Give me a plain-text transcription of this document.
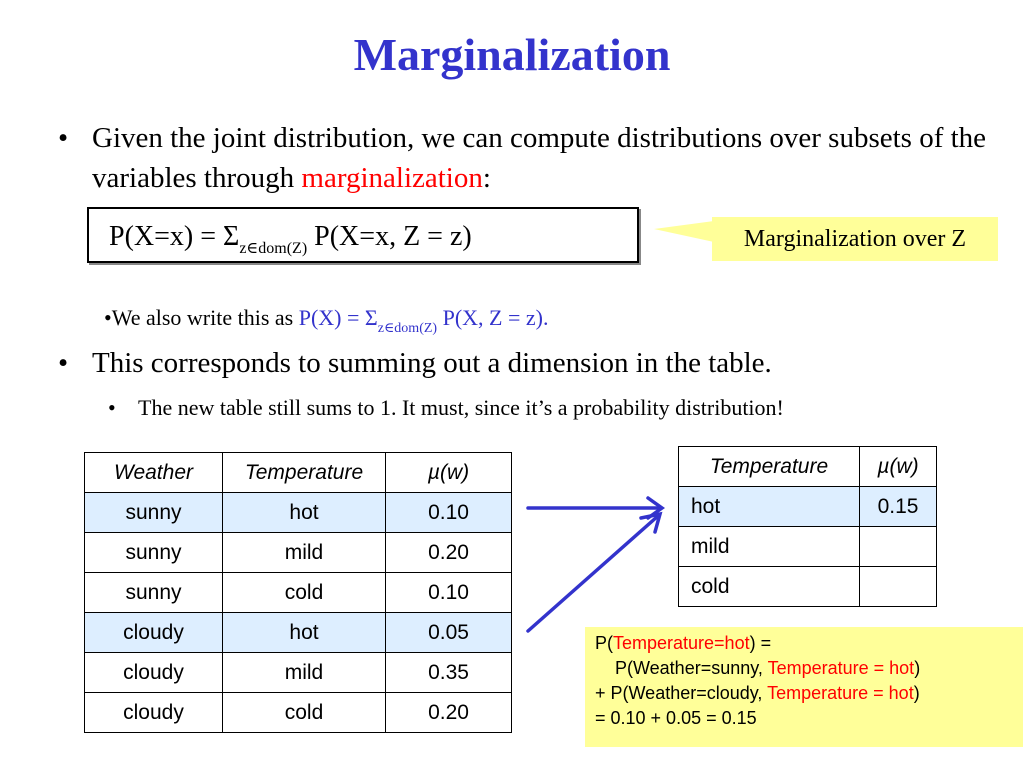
Marginalization
• Given the joint distribution, we can compute distributions over subsets of the variables through marginalization:
$P(X=x) = \Sigma_{z\in dom(Z)}$ P(X=x, Z = z)	Marginalization over Z
•We also write this as $P(X) = \Sigma_{z\in dom(Z)}$ P(X, Z = z).
• This corresponds to summing out a dimension in the table.
• The new table still sums to 1. It must, since it’s a probability distribution!
Weather	Temperature	µ(w)
sunny	hot	0.10
sunny	mild	0.20
sunny	cold	0.10
cloudy	hot	0.05
cloudy	mild	0.35
cloudy	cold	0.20
Temperature	µ(w)
hot	0.15
mild	
cold	
P(Temperature=hot) =
P(Weather=sunny, Temperature = hot)
+ P(Weather=cloudy, Temperature = hot)
= 0.10 + 0.05 = 0.15
